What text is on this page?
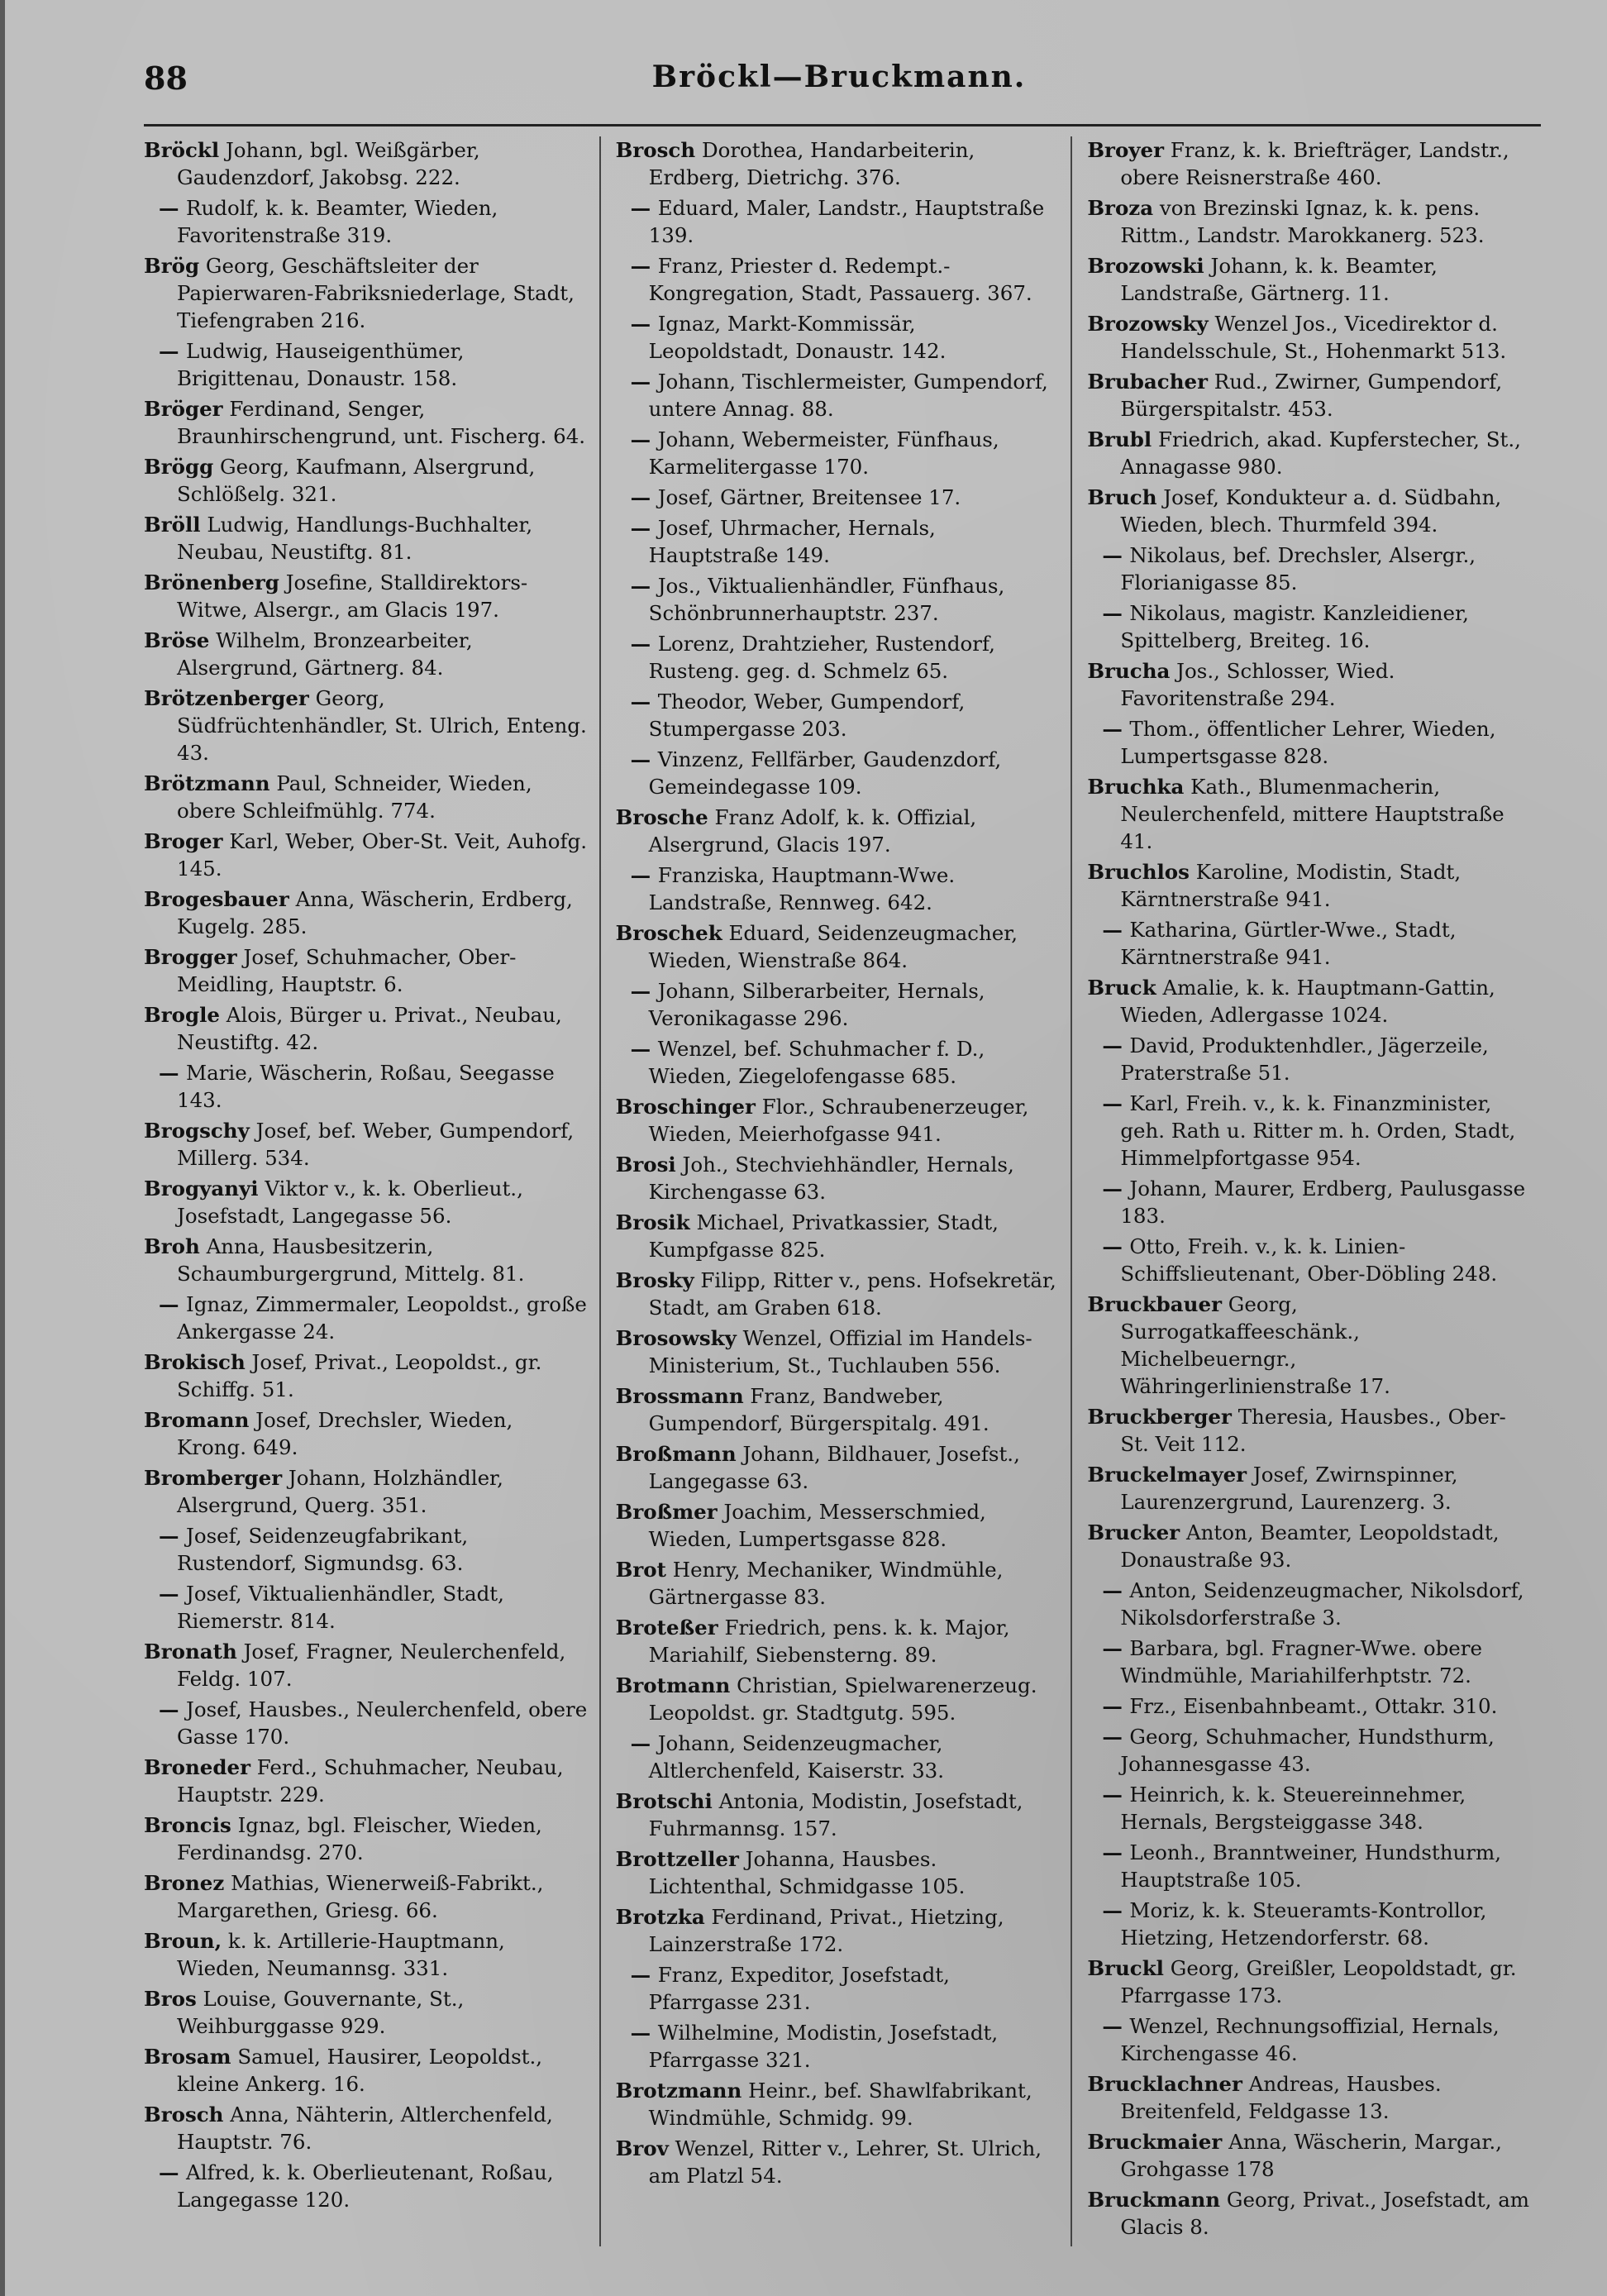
88	Bröckl—Bruckmann.
Bröckl Johann, bgl. Weißgärber, Gaudenzdorf, Jakobsg. 222.
— Rudolf, k. k. Beamter, Wieden, Favoritenstraße 319.
Brög Georg, Geschäftsleiter der Papierwaren-Fabriksniederlage, Stadt, Tiefengraben 216.
— Ludwig, Hauseigenthümer, Brigittenau, Donaustr. 158.
Bröger Ferdinand, Senger, Braunhirschengrund, unt. Fischerg. 64.
Brögg Georg, Kaufmann, Alsergrund, Schlößelg. 321.
Bröll Ludwig, Handlungs-Buchhalter, Neubau, Neustiftg. 81.
Brönenberg Josefine, Stalldirektors-Witwe, Alsergr., am Glacis 197.
Bröse Wilhelm, Bronzearbeiter, Alsergrund, Gärtnerg. 84.
Brötzenberger Georg, Südfrüchtenhändler, St. Ulrich, Enteng. 43.
Brötzmann Paul, Schneider, Wieden, obere Schleifmühlg. 774.
Broger Karl, Weber, Ober-St. Veit, Auhofg. 145.
Brogesbauer Anna, Wäscherin, Erdberg, Kugelg. 285.
Brogger Josef, Schuhmacher, Ober-Meidling, Hauptstr. 6.
Brogle Alois, Bürger u. Privat., Neubau, Neustiftg. 42.
— Marie, Wäscherin, Roßau, Seegasse 143.
Brogschy Josef, bef. Weber, Gumpendorf, Millerg. 534.
Brogyanyi Viktor v., k. k. Oberlieut., Josefstadt, Langegasse 56.
Broh Anna, Hausbesitzerin, Schaumburgergrund, Mittelg. 81.
— Ignaz, Zimmermaler, Leopoldst., große Ankergasse 24.
Brokisch Josef, Privat., Leopoldst., gr. Schiffg. 51.
Bromann Josef, Drechsler, Wieden, Krong. 649.
Bromberger Johann, Holzhändler, Alsergrund, Querg. 351.
— Josef, Seidenzeugfabrikant, Rustendorf, Sigmundsg. 63.
— Josef, Viktualienhändler, Stadt, Riemerstr. 814.
Bronath Josef, Fragner, Neulerchenfeld, Feldg. 107.
— Josef, Hausbes., Neulerchenfeld, obere Gasse 170.
Broneder Ferd., Schuhmacher, Neubau, Hauptstr. 229.
Broncis Ignaz, bgl. Fleischer, Wieden, Ferdinandsg. 270.
Bronez Mathias, Wienerweiß-Fabrikt., Margarethen, Griesg. 66.
Broun, k. k. Artillerie-Hauptmann, Wieden, Neumannsg. 331.
Bros Louise, Gouvernante, St., Weihburggasse 929.
Brosam Samuel, Hausirer, Leopoldst., kleine Ankerg. 16.
Brosch Anna, Nähterin, Altlerchenfeld, Hauptstr. 76.
— Alfred, k. k. Oberlieutenant, Roßau, Langegasse 120.
Brosch Dorothea, Handarbeiterin, Erdberg, Dietrichg. 376.
— Eduard, Maler, Landstr., Hauptstraße 139.
— Franz, Priester d. Redempt.-Kongregation, Stadt, Passauerg. 367.
— Ignaz, Markt-Kommissär, Leopoldstadt, Donaustr. 142.
— Johann, Tischlermeister, Gumpendorf, untere Annag. 88.
— Johann, Webermeister, Fünfhaus, Karmelitergasse 170.
— Josef, Gärtner, Breitensee 17.
— Josef, Uhrmacher, Hernals, Hauptstraße 149.
— Jos., Viktualienhändler, Fünfhaus, Schönbrunnerhauptstr. 237.
— Lorenz, Drahtzieher, Rustendorf, Rusteng. geg. d. Schmelz 65.
— Theodor, Weber, Gumpendorf, Stumpergasse 203.
— Vinzenz, Fellfärber, Gaudenzdorf, Gemeindegasse 109.
Brosche Franz Adolf, k. k. Offizial, Alsergrund, Glacis 197.
— Franziska, Hauptmann-Wwe. Landstraße, Rennweg. 642.
Broschek Eduard, Seidenzeugmacher, Wieden, Wienstraße 864.
— Johann, Silberarbeiter, Hernals, Veronikagasse 296.
— Wenzel, bef. Schuhmacher f. D., Wieden, Ziegelofengasse 685.
Broschinger Flor., Schraubenerzeuger, Wieden, Meierhofgasse 941.
Brosi Joh., Stechviehhändler, Hernals, Kirchengasse 63.
Brosik Michael, Privatkassier, Stadt, Kumpfgasse 825.
Brosky Filipp, Ritter v., pens. Hofsekretär, Stadt, am Graben 618.
Brosowsky Wenzel, Offizial im Handels-Ministerium, St., Tuchlauben 556.
Brossmann Franz, Bandweber, Gumpendorf, Bürgerspitalg. 491.
Broßmann Johann, Bildhauer, Josefst., Langegasse 63.
Broßmer Joachim, Messerschmied, Wieden, Lumpertsgasse 828.
Brot Henry, Mechaniker, Windmühle, Gärtnergasse 83.
Broteßer Friedrich, pens. k. k. Major, Mariahilf, Siebensterng. 89.
Brotmann Christian, Spielwarenerzeug. Leopoldst. gr. Stadtgutg. 595.
— Johann, Seidenzeugmacher, Altlerchenfeld, Kaiserstr. 33.
Brotschi Antonia, Modistin, Josefstadt, Fuhrmannsg. 157.
Brottzeller Johanna, Hausbes. Lichtenthal, Schmidgasse 105.
Brotzka Ferdinand, Privat., Hietzing, Lainzerstraße 172.
— Franz, Expeditor, Josefstadt, Pfarrgasse 231.
— Wilhelmine, Modistin, Josefstadt, Pfarrgasse 321.
Brotzmann Heinr., bef. Shawlfabrikant, Windmühle, Schmidg. 99.
Brov Wenzel, Ritter v., Lehrer, St. Ulrich, am Platzl 54.
Broyer Franz, k. k. Briefträger, Landstr., obere Reisnerstraße 460.
Broza von Brezinski Ignaz, k. k. pens. Rittm., Landstr. Marokkanerg. 523.
Brozowski Johann, k. k. Beamter, Landstraße, Gärtnerg. 11.
Brozowsky Wenzel Jos., Vicedirektor d. Handelsschule, St., Hohenmarkt 513.
Brubacher Rud., Zwirner, Gumpendorf, Bürgerspitalstr. 453.
Brubl Friedrich, akad. Kupferstecher, St., Annagasse 980.
Bruch Josef, Kondukteur a. d. Südbahn, Wieden, blech. Thurmfeld 394.
— Nikolaus, bef. Drechsler, Alsergr., Florianigasse 85.
— Nikolaus, magistr. Kanzleidiener, Spittelberg, Breiteg. 16.
Brucha Jos., Schlosser, Wied. Favoritenstraße 294.
— Thom., öffentlicher Lehrer, Wieden, Lumpertsgasse 828.
Bruchka Kath., Blumenmacherin, Neulerchenfeld, mittere Hauptstraße 41.
Bruchlos Karoline, Modistin, Stadt, Kärntnerstraße 941.
— Katharina, Gürtler-Wwe., Stadt, Kärntnerstraße 941.
Bruck Amalie, k. k. Hauptmann-Gattin, Wieden, Adlergasse 1024.
— David, Produktenhdler., Jägerzeile, Praterstraße 51.
— Karl, Freih. v., k. k. Finanzminister, geh. Rath u. Ritter m. h. Orden, Stadt, Himmelpfortgasse 954.
— Johann, Maurer, Erdberg, Paulusgasse 183.
— Otto, Freih. v., k. k. Linien-Schiffslieutenant, Ober-Döbling 248.
Bruckbauer Georg, Surrogatkaffeeschänk., Michelbeuerngr., Währingerlinienstraße 17.
Bruckberger Theresia, Hausbes., Ober-St. Veit 112.
Bruckelmayer Josef, Zwirnspinner, Laurenzergrund, Laurenzerg. 3.
Brucker Anton, Beamter, Leopoldstadt, Donaustraße 93.
— Anton, Seidenzeugmacher, Nikolsdorf, Nikolsdorferstraße 3.
— Barbara, bgl. Fragner-Wwe. obere Windmühle, Mariahilferhptstr. 72.
— Frz., Eisenbahnbeamt., Ottakr. 310.
— Georg, Schuhmacher, Hundsthurm, Johannesgasse 43.
— Heinrich, k. k. Steuereinnehmer, Hernals, Bergsteiggasse 348.
— Leonh., Branntweiner, Hundsthurm, Hauptstraße 105.
— Moriz, k. k. Steueramts-Kontrollor, Hietzing, Hetzendorferstr. 68.
Bruckl Georg, Greißler, Leopoldstadt, gr. Pfarrgasse 173.
— Wenzel, Rechnungsoffizial, Hernals, Kirchengasse 46.
Brucklachner Andreas, Hausbes. Breitenfeld, Feldgasse 13.
Bruckmaier Anna, Wäscherin, Margar., Grohgasse 178
Bruckmann Georg, Privat., Josefstadt, am Glacis 8.
